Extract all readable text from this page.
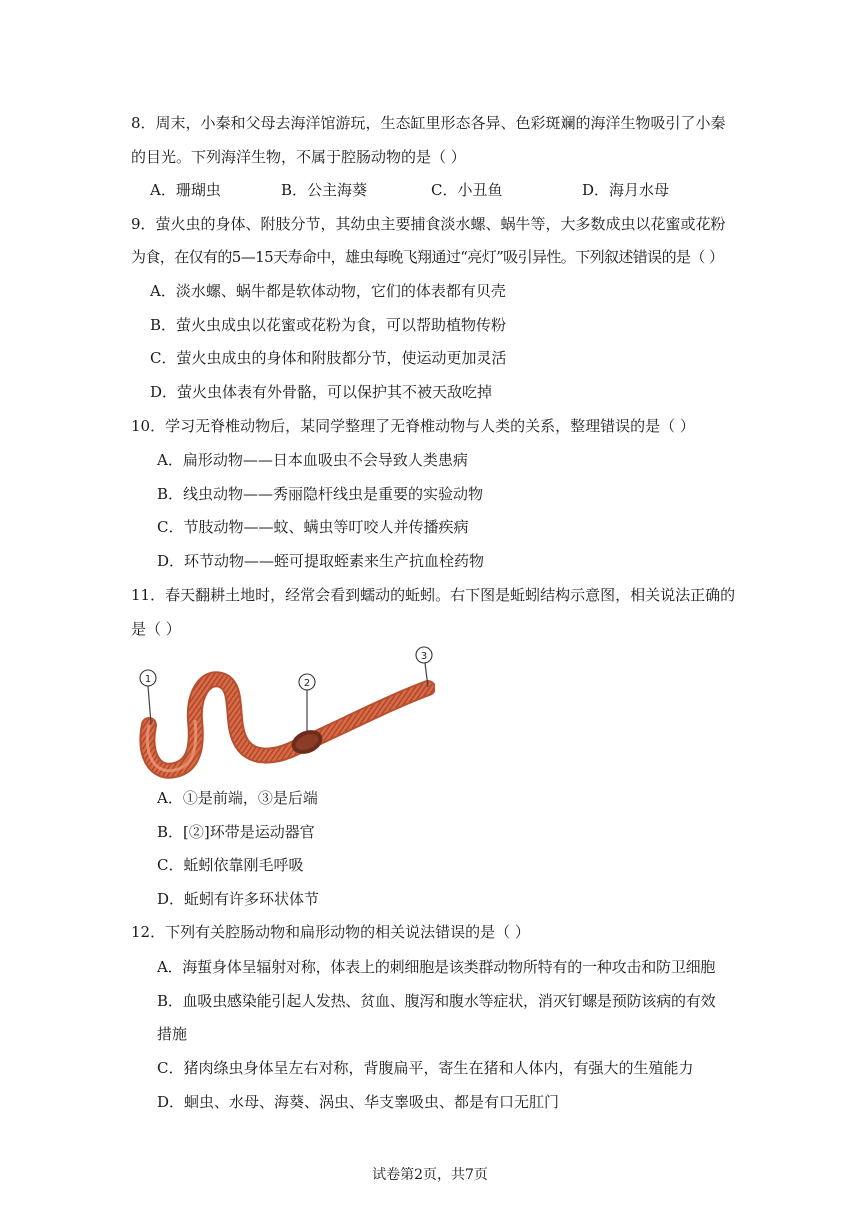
8．周末，小秦和父母去海洋馆游玩，生态缸里形态各异、色彩斑斓的海洋生物吸引了小秦
的目光。下列海洋生物，不属于腔肠动物的是（ ）
A．珊瑚虫	B．公主海葵	C．小丑鱼	D．海月水母
9．萤火虫的身体、附肢分节，其幼虫主要捕食淡水螺、蜗牛等，大多数成虫以花蜜或花粉
为食，在仅有的5—15天寿命中，雄虫每晚飞翔通过“亮灯”吸引异性。下列叙述错误的是（ ）
A．淡水螺、蜗牛都是软体动物，它们的体表都有贝壳
B．萤火虫成虫以花蜜或花粉为食，可以帮助植物传粉
C．萤火虫成虫的身体和附肢都分节，使运动更加灵活
D．萤火虫体表有外骨骼，可以保护其不被天敌吃掉
10．学习无脊椎动物后，某同学整理了无脊椎动物与人类的关系，整理错误的是（ ）
A．扁形动物——日本血吸虫不会导致人类患病
B．线虫动物——秀丽隐杆线虫是重要的实验动物
C．节肢动物——蚊、螨虫等叮咬人并传播疾病
D．环节动物——蛭可提取蛭素来生产抗血栓药物
11．春天翻耕土地时，经常会看到蠕动的蚯蚓。右下图是蚯蚓结构示意图，相关说法正确的
是（ ）
1	2
3
A．①是前端，③是后端
B．[②]环带是运动器官
C．蚯蚓依靠刚毛呼吸
D．蚯蚓有许多环状体节
12．下列有关腔肠动物和扁形动物的相关说法错误的是（ ）
A．海蜇身体呈辐射对称，体表上的刺细胞是该类群动物所特有的一种攻击和防卫细胞
B．血吸虫感染能引起人发热、贫血、腹泻和腹水等症状，消灭钉螺是预防该病的有效
措施
C．猪肉绦虫身体呈左右对称，背腹扁平，寄生在猪和人体内，有强大的生殖能力
D．蛔虫、水母、海葵、涡虫、华支睾吸虫、都是有口无肛门
试卷第2页，共7页
